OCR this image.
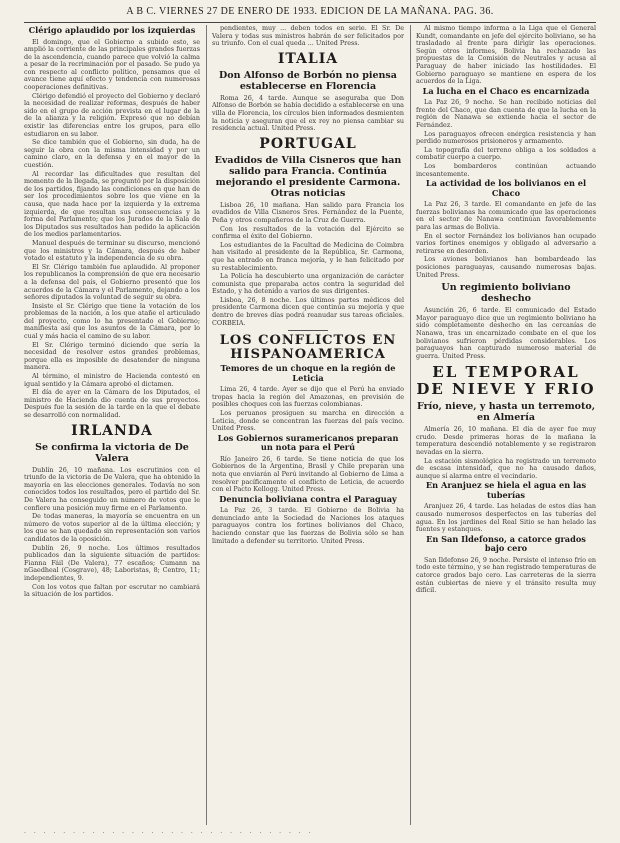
A B C. VIERNES 27 DE ENERO DE 1933. EDICION DE LA MAÑANA. PAG. 36.
Clérigo aplaudido por los izquierdas

El domingo, que el Gobierno a subido esto, se amplió la corriente de las principales grandes fuerzas de la ascendencia, cuando parece que volvió la calma a pesar de la recriminación por el pasado. Se pudo ya con respecto al conflicto político, pensamos que el avance tiene aquí efecto y tendencia con numerosas cooperaciones definitivas.

Clérigo defendió el proyecto del Gobierno y declaró la necesidad de realizar reformas, después de haber sido en el grupo de acción prevista en el lugar de la de la alianza y la religión. Expresó que no debían existir las diferencias entre los grupos, para ello estudiaron en su labor.

Se dice también que el Gobierno, sin duda, ha de seguir la obra con la misma intensidad y por un camino claro, en la defensa y en el mayor de la cuestión.

Al recordar las dificultades que resultan del momento de la llegada, se preguntó por la disposición de los partidos, fijando las condiciones en que han de ser los procedimientos sobre los que viene en la causa, que nada hace por la izquierda y la extrema izquierda, de que resultan sus consecuencias y la forma del Parlamento; que los Jurados de la Sala de los Diputados sus resultados han pedido la aplicación de los medios parlamentarios.

Manuel después de terminar su discurso, mencionó que los ministros y la Cámara, después de haber votado el estatuto y la independencia de su obra.

El Sr. Clérigo también fue aplaudido. Al proponer los republicanos la comprensión de que era necesario a la defensa del país, el Gobierno presentó que los acuerdos de la Cámara y el Parlamento, dejando a los señores diputados la voluntad de seguir su obra.

Insiste el Sr. Clérigo que tiene la votación de los problemas de la nación, a los que atañe el articulado del proyecto, como lo ha presentado el Gobierno; manifiesta así que los asuntos de la Cámara, por lo cual y más hacia el camino de su labor.

El Sr. Clérigo terminó diciendo que sería la necesidad de resolver estos grandes problemas, porque ella es imposible de desatender de ninguna manera.

Al término, el ministro de Hacienda contestó en igual sentido y la Cámara aprobó el dictamen.

El día de ayer en la Cámara de los Diputados, el ministro de Hacienda dio cuenta de sus proyectos. Después fue la sesión de la tarde en la que el debate se desarrolló con normalidad.

IRLANDA
Se confirma la victoria de De Valera

Dublín 26, 10 mañana. Los escrutinios con el triunfo de la victoria de De Valera, que ha obtenido la mayoría en las elecciones generales. Todavía no son conocidos todos los resultados, pero el partido del Sr. De Valera ha conseguido un número de votos que le confiere una posición muy firme en el Parlamento.

De todas maneras, la mayoría se encuentra en un número de votos superior al de la última elección; y los que se han quedado sin representación son varios candidatos de la oposición.

Dublín 26, 9 noche. Los últimos resultados publicados dan la siguiente situación de partidos: Fianna Fáil (De Valera), 77 escaños; Cumann na nGaedheal (Cosgrave), 48; Laboristas, 8; Centro, 11; independientes, 9.

Con los votos que faltan por escrutar no cambiará la situación de los partidos.

pendientes, muy ... deben todos en serie. El Sr. De Valera y todas sus ministros habrán de ser felicitados por su triunfo. Con el cual queda ... United Press.

ITALIA
Don Alfonso de Borbón no piensa establecerse en Florencia

Roma 26, 4 tarde. Aunque se aseguraba que Don Alfonso de Borbón se había decidido a establecerse en una villa de Florencia, los círculos bien informados desmienten la noticia y aseguran que el ex rey no piensa cambiar su residencia actual. United Press.

PORTUGAL
Evadidos de Villa Cisneros que han salido para Francia. Continúa mejorando el presidente Carmona. Otras noticias

Lisboa 26, 10 mañana. Han salido para Francia los evadidos de Villa Cisneros Sres. Fernández de la Puente, Peña y otros compañeros de la Cruz de Guerra.

Con los resultados de la votación del Ejército se confirma el éxito del Gobierno.

Los estudiantes de la Facultad de Medicina de Coimbra han visitado al presidente de la República, Sr. Carmona, que ha entrado en franca mejoría, y le han felicitado por su restablecimiento.

La Policía ha descubierto una organización de carácter comunista que preparaba actos contra la seguridad del Estado, y ha detenido a varios de sus dirigentes.

Lisboa, 26, 8 noche. Los últimos partes médicos del presidente Carmona dicen que continúa su mejoría y que dentro de breves días podrá reanudar sus tareas oficiales. CORBEIA.

LOS CONFLICTOS EN HISPANOAMERICA
Temores de un choque en la región de Leticia

Lima 26, 4 tarde. Ayer se dijo que el Perú ha enviado tropas hacia la región del Amazonas, en previsión de posibles choques con las fuerzas colombianas.

Los peruanos prosiguen su marcha en dirección a Leticia, donde se concentran las fuerzas del país vecino. United Press.

Los Gobiernos suramericanos preparan un nota para el Perú

Río Janeiro 26, 6 tarde. Se tiene noticia de que los Gobiernos de la Argentina, Brasil y Chile preparan una nota que enviarán al Perú invitando al Gobierno de Lima a resolver pacíficamente el conflicto de Leticia, de acuerdo con el Pacto Kellogg. United Press.

Denuncia boliviana contra el Paraguay

La Paz 26, 3 tarde. El Gobierno de Bolivia ha denunciado ante la Sociedad de Naciones los ataques paraguayos contra los fortines bolivianos del Chaco, haciendo constar que las fuerzas de Bolivia sólo se han limitado a defender su territorio. United Press.

Al mismo tiempo informa a la Liga que el General Kundt, comandante en jefe del ejército boliviano, se ha trasladado al frente para dirigir las operaciones. Según otros informes, Bolivia ha rechazado las propuestas de la Comisión de Neutrales y acusa al Paraguay de haber iniciado las hostilidades. El Gobierno paraguayo se mantiene en espera de los acuerdos de la Liga.

La lucha en el Chaco es encarnizada

La Paz 26, 9 noche. Se han recibido noticias del frente del Chaco, que dan cuenta de que la lucha en la región de Nanawa se extiende hacia el sector de Fernández.

Los paraguayos ofrecen enérgica resistencia y han perdido numerosos prisioneros y armamento.

La topografía del terreno obliga a los soldados a combatir cuerpo a cuerpo.

Los bombarderos continúan actuando incesantemente.

La actividad de los bolivianos en el Chaco

La Paz 26, 3 tarde. El comandante en jefe de las fuerzas bolivianas ha comunicado que las operaciones en el sector de Nanawa continúan favorablemente para las armas de Bolivia.

En el sector Fernández los bolivianos han ocupado varios fortines enemigos y obligado al adversario a retirarse en desorden.

Los aviones bolivianos han bombardeado las posiciones paraguayas, causando numerosas bajas. United Press.

Un regimiento boliviano deshecho

Asunción 26, 6 tarde. El comunicado del Estado Mayor paraguayo dice que un regimiento boliviano ha sido completamente deshecho en las cercanías de Nanawa, tras un encarnizado combate en el que los bolivianos sufrieron pérdidas considerables. Los paraguayos han capturado numeroso material de guerra. United Press.

EL TEMPORAL DE NIEVE Y FRIO
Frío, nieve, y hasta un terremoto, en Almería

Almería 26, 10 mañana. El día de ayer fue muy crudo. Desde primeras horas de la mañana la temperatura descendió notablemente y se registraron nevadas en la sierra.

La estación sismológica ha registrado un terremoto de escasa intensidad, que no ha causado daños, aunque sí alarma entre el vecindario.

En Aranjuez se hiela el agua en las tuberías

Aranjuez 26, 4 tarde. Las heladas de estos días han causado numerosos desperfectos en las tuberías del agua. En los jardines del Real Sitio se han helado las fuentes y estanques.

En San Ildefonso, a catorce grados bajo cero

San Ildefonso 26, 9 noche. Persiste el intenso frío en todo este término, y se han registrado temperaturas de catorce grados bajo cero. Las carreteras de la sierra están cubiertas de nieve y el tránsito resulta muy difícil.

· · · · · · · · · · · · · · · · · · · · · · · · · · · · · ·
